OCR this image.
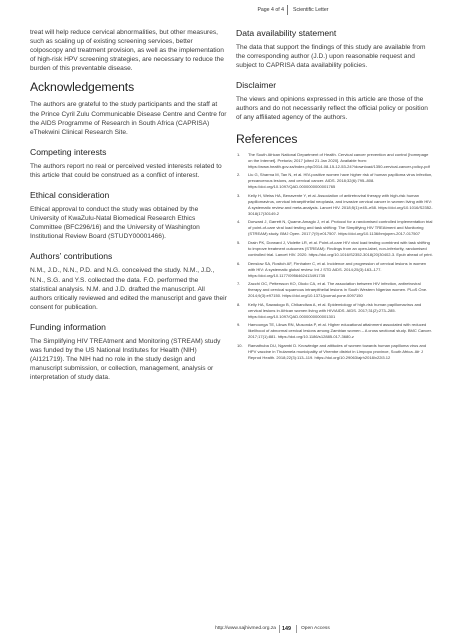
Page 4 of 4 Scientific Letter

treat will help reduce cervical abnormalities, but other measures, such as scaling up of existing screening services, better colposcopy and treatment provision, as well as the implementation of high-risk HPV screening strategies, are necessary to reduce the burden of this preventable disease.

Acknowledgements

The authors are grateful to the study participants and the staff at the Prince Cyril Zulu Communicable Disease Centre and Centre for the AIDS Programme of Research in South Africa (CAPRISA) eThekwini Clinical Research Site.

Competing interests

The authors report no real or perceived vested interests related to this article that could be construed as a conflict of interest.

Ethical consideration

Ethical approval to conduct the study was obtained by the University of KwaZulu-Natal Biomedical Research Ethics Committee (BFC296/16) and the University of Washington Institutional Review Board (STUDY00001466).

Authors’ contributions

N.M., J.D., N.N., P.D. and N.G. conceived the study. N.M., J.D., N.N., S.G. and Y.S. collected the data. F.O. performed the statistical analysis. N.M. and J.D. drafted the manuscript. All authors critically reviewed and edited the manuscript and gave their consent for publication.

Funding information

The Simplifying HIV TREAtment and Monitoring (STREAM) study was funded by the US National Institutes for Health (NIH) (AI121719). The NIH had no role in the study design and manuscript submission, or collection, management, analysis or interpretation of study data.

Data availability statement

The data that support the findings of this study are available from the corresponding author (J.D.) upon reasonable request and subject to CAPRISA data availability policies.

Disclaimer

The views and opinions expressed in this article are those of the authors and do not necessarily reflect the official policy or position of any affiliated agency of the authors.

References
1. The South African National Department of Health. Cervical cancer prevention and control [homepage on the Internet]. Pretoria; 2017 [cited 21 Jan 2020]. Available from: https://www.health.gov.za/index.php/2014-08-15-12-53-24?/download/1350-cervical-cancer-policy-pdf
2. Liu G, Sharma M, Tan N, et al. HIV-positive women have higher risk of human papilloma virus infection, precancerous lesions, and cervical cancer. AIDS. 2018;32(6):795–808. https://doi.org/10.1097/QAD.0000000000001765
3. Kelly H, Weiss HA, Benavente Y, et al. Association of antiretroviral therapy with high-risk human papillomavirus, cervical intraepithelial neoplasia, and invasive cervical cancer in women living with HIV: A systematic review and meta-analysis. Lancet HIV. 2018;5(1):e45–e58. https://doi.org/10.1016/S2352-3018(17)30149-2
4. Dorward J, Garrett N, Quame-Amaglo J, et al. Protocol for a randomised controlled implementation trial of point-of-care viral load testing and task shifting: The Simplifying HIV TREAtment and Monitoring (STREAM) study. BMJ Open. 2017;7(9):e017507. https://doi.org/10.1136/bmjopen-2017-017507
5. Drain PK, Dorward J, Violette LR, et al. Point-of-care HIV viral load testing combined with task shifting to improve treatment outcomes (STREAM): Findings from an open-label, non-inferiority, randomised controlled trial. Lancet HIV. 2020. https://doi.org/10.1016/S2352-3018(20)30402-3. Epub ahead of print.
6. Denslow SA, Rositch AF, Firnhaber C, et al. Incidence and progression of cervical lesions in women with HIV: A systematic global review. Int J STD AIDS. 2014;25(3):163–177. https://doi.org/10.1177/0956462413491735
7. Zacchi OC, Pettersson KO, Okolo CA, et al. The association between HIV infection, antiretroviral therapy and cervical squamous intraepithelial lesions in South Western Nigerian women. PLoS One. 2014;9(3):e97150. https://doi.org/10.1371/journal.pone.0097150
8. Kelly HA, Sawadogo B, Chikandiwa A, et al. Epidemiology of high-risk human papillomavirus and cervical lesions in African women living with HIV/AIDS. AIDS. 2017;31(2):273–285. https://doi.org/10.1097/QAD.0000000000001301
9. Hamoonga TE, Likwa RN, Musonda P, et al. Higher educational attainment associated with reduced likelihood of abnormal cervical lesions among Zambian women – A cross sectional study. BMC Cancer. 2017;17(1):881. https://doi.org/10.1186/s12885-017-3680-z
10. Ramathuba DU, Ngambi D. Knowledge and attitudes of women towards human papilloma virus and HPV vaccine in Thulamela municipality of Vhembe district in Limpopo province, South Africa. Afr J Reprod Health. 2018;22(3):113–119. https://doi.org/10.29063/ajrh2018/v22i3.12
http://www.sajhivmed.org.za 149 Open Access
